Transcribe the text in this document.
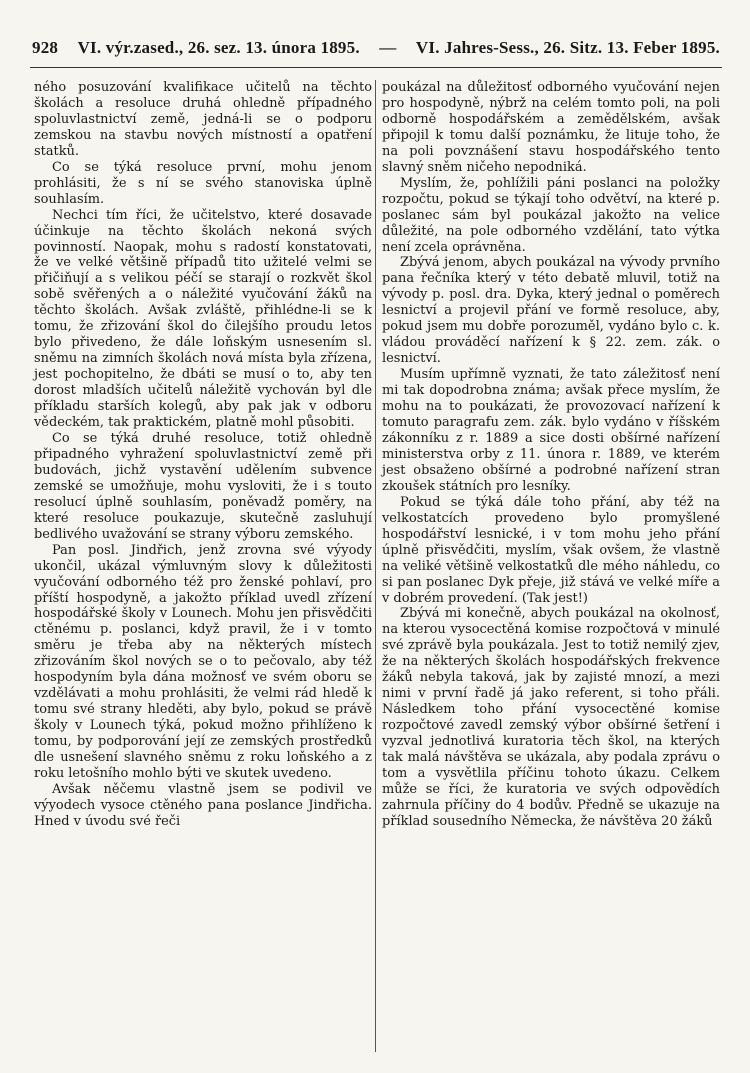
928 VI. výr.zased., 26. sez. 13. února 1895. — VI. Jahres-Sess., 26. Sitz. 13. Feber 1895.

ného posuzování kvalifikace učitelů na těchto školách a resoluce druhá ohledně případného spoluvlastnictví země, jedná-li se o podporu zemskou na stavbu nových místností a opatření statků.

Co se týká resoluce první, mohu jenom prohlásiti, že s ní se svého stanoviska úplně souhlasím.

Nechci tím říci, že učitelstvo, které dosavade účinkuje na těchto školách nekoná svých povinností. Naopak, mohu s radostí konstatovati, že ve velké většině případů tito užitelé velmi se přičiňují a s velikou péčí se starají o rozkvět škol sobě svěřených a o náležité vyučování žáků na těchto školách. Avšak zvláště, přihlédne-li se k tomu, že zřizování škol do čilejšího proudu letos bylo přivedeno, že dále loňským usnesením sl. sněmu na zimních školách nová místa byla zřízena, jest pochopitelno, že dbáti se musí o to, aby ten dorost mladších učitelů náležitě vychován byl dle příkladu starších kolegů, aby pak jak v odboru vědeckém, tak praktickém, platně mohl působiti.

Co se týká druhé resoluce, totiž ohledně připadného vyhražení spoluvlastnictví země při budovách, jichž vystavění udělením subvence zemské se umožňuje, mohu vysloviti, že i s touto resolucí úplně souhlasím, poněvadž poměry, na které resoluce poukazuje, skutečně zasluhují bedlivého uvažování se strany výboru zemského.

Pan posl. Jindřich, jenž zrovna své výyody ukončil, ukázal výmluvným slovy k důležitosti vyučování odborného též pro ženské pohlaví, pro příští hospodyně, a jakožto příklad uvedl zřízení hospodářské školy v Lounech. Mohu jen přisvědčiti ctěnému p. poslanci, když pravil, že i v tomto směru je třeba aby na některých místech zřizováním škol nových se o to pečovalo, aby též hospodyním byla dána možnosť ve svém oboru se vzdělávati a mohu prohlásiti, že velmi rád hledě k tomu své strany hleděti, aby bylo, pokud se právě školy v Lounech týká, pokud možno přihlíženo k tomu, by podporování její ze zemských prostředků dle usnešení slavného sněmu z roku loňského a z roku letošního mohlo býti ve skutek uvedeno.

Avšak něčemu vlastně jsem se podivil ve výyodech vysoce ctěného pana poslance Jindřicha. Hned v úvodu své řeči

poukázal na důležitosť odborného vyučování nejen pro hospodyně, nýbrž na celém tomto poli, na poli odborně hospodářském a zemědělském, avšak připojil k tomu další poznámku, že lituje toho, že na poli povznášení stavu hospodářského tento slavný sněm ničeho nepodniká.

Myslím, že, pohlížili páni poslanci na položky rozpočtu, pokud se týkají toho odvětví, na které p. poslanec sám byl poukázal jakožto na velice důležité, na pole odborného vzdělání, tato výtka není zcela oprávněna.

Zbývá jenom, abych poukázal na vývody prvního pana řečníka který v této debatě mluvil, totiž na vývody p. posl. dra. Dyka, který jednal o poměrech lesnictví a projevil přání ve formě resoluce, aby, pokud jsem mu dobře porozuměl, vydáno bylo c. k. vládou prováděcí nařízení k § 22. zem. zák. o lesnictví.

Musím upřímně vyznati, že tato záležitosť není mi tak dopodrobna známa; avšak přece myslím, že mohu na to poukázati, že provozovací nařízení k tomuto paragrafu zem. zák. bylo vydáno v říšském zákonníku z r. 1889 a sice dosti obšírné nařízení ministerstva orby z 11. února r. 1889, ve kterém jest obsaženo obšírné a podrobné nařízení stran zkoušek státních pro lesníky.

Pokud se týká dále toho přání, aby též na velkostatcích provedeno bylo promyšlené hospodářství lesnické, i v tom mohu jeho přání úplně přisvědčiti, myslím, však ovšem, že vlastně na veliké většině velkostatků dle mého náhledu, co si pan poslanec Dyk přeje, již stává ve velké míře a v dobrém provedení. (Tak jest!)

Zbývá mi konečně, abych poukázal na okolnosť, na kterou vysocectěná komise rozpočtová v minulé své zprávě byla poukázala. Jest to totiž nemilý zjev, že na některých školách hospodářských frekvence žáků nebyla taková, jak by zajisté mnozí, a mezi nimi v první řadě já jako referent, si toho přáli. Následkem toho přání vysocectěné komise rozpočtové zavedl zemský výbor obšírné šetření i vyzval jednotlivá kuratoria těch škol, na kterých tak malá návštěva se ukázala, aby podala zprávu o tom a vysvětlila příčinu tohoto úkazu. Celkem může se říci, že kuratoria ve svých odpovědích zahrnula příčiny do 4 bodův. Předně se ukazuje na příklad sousedního Německa, že návštěva 20 žáků
